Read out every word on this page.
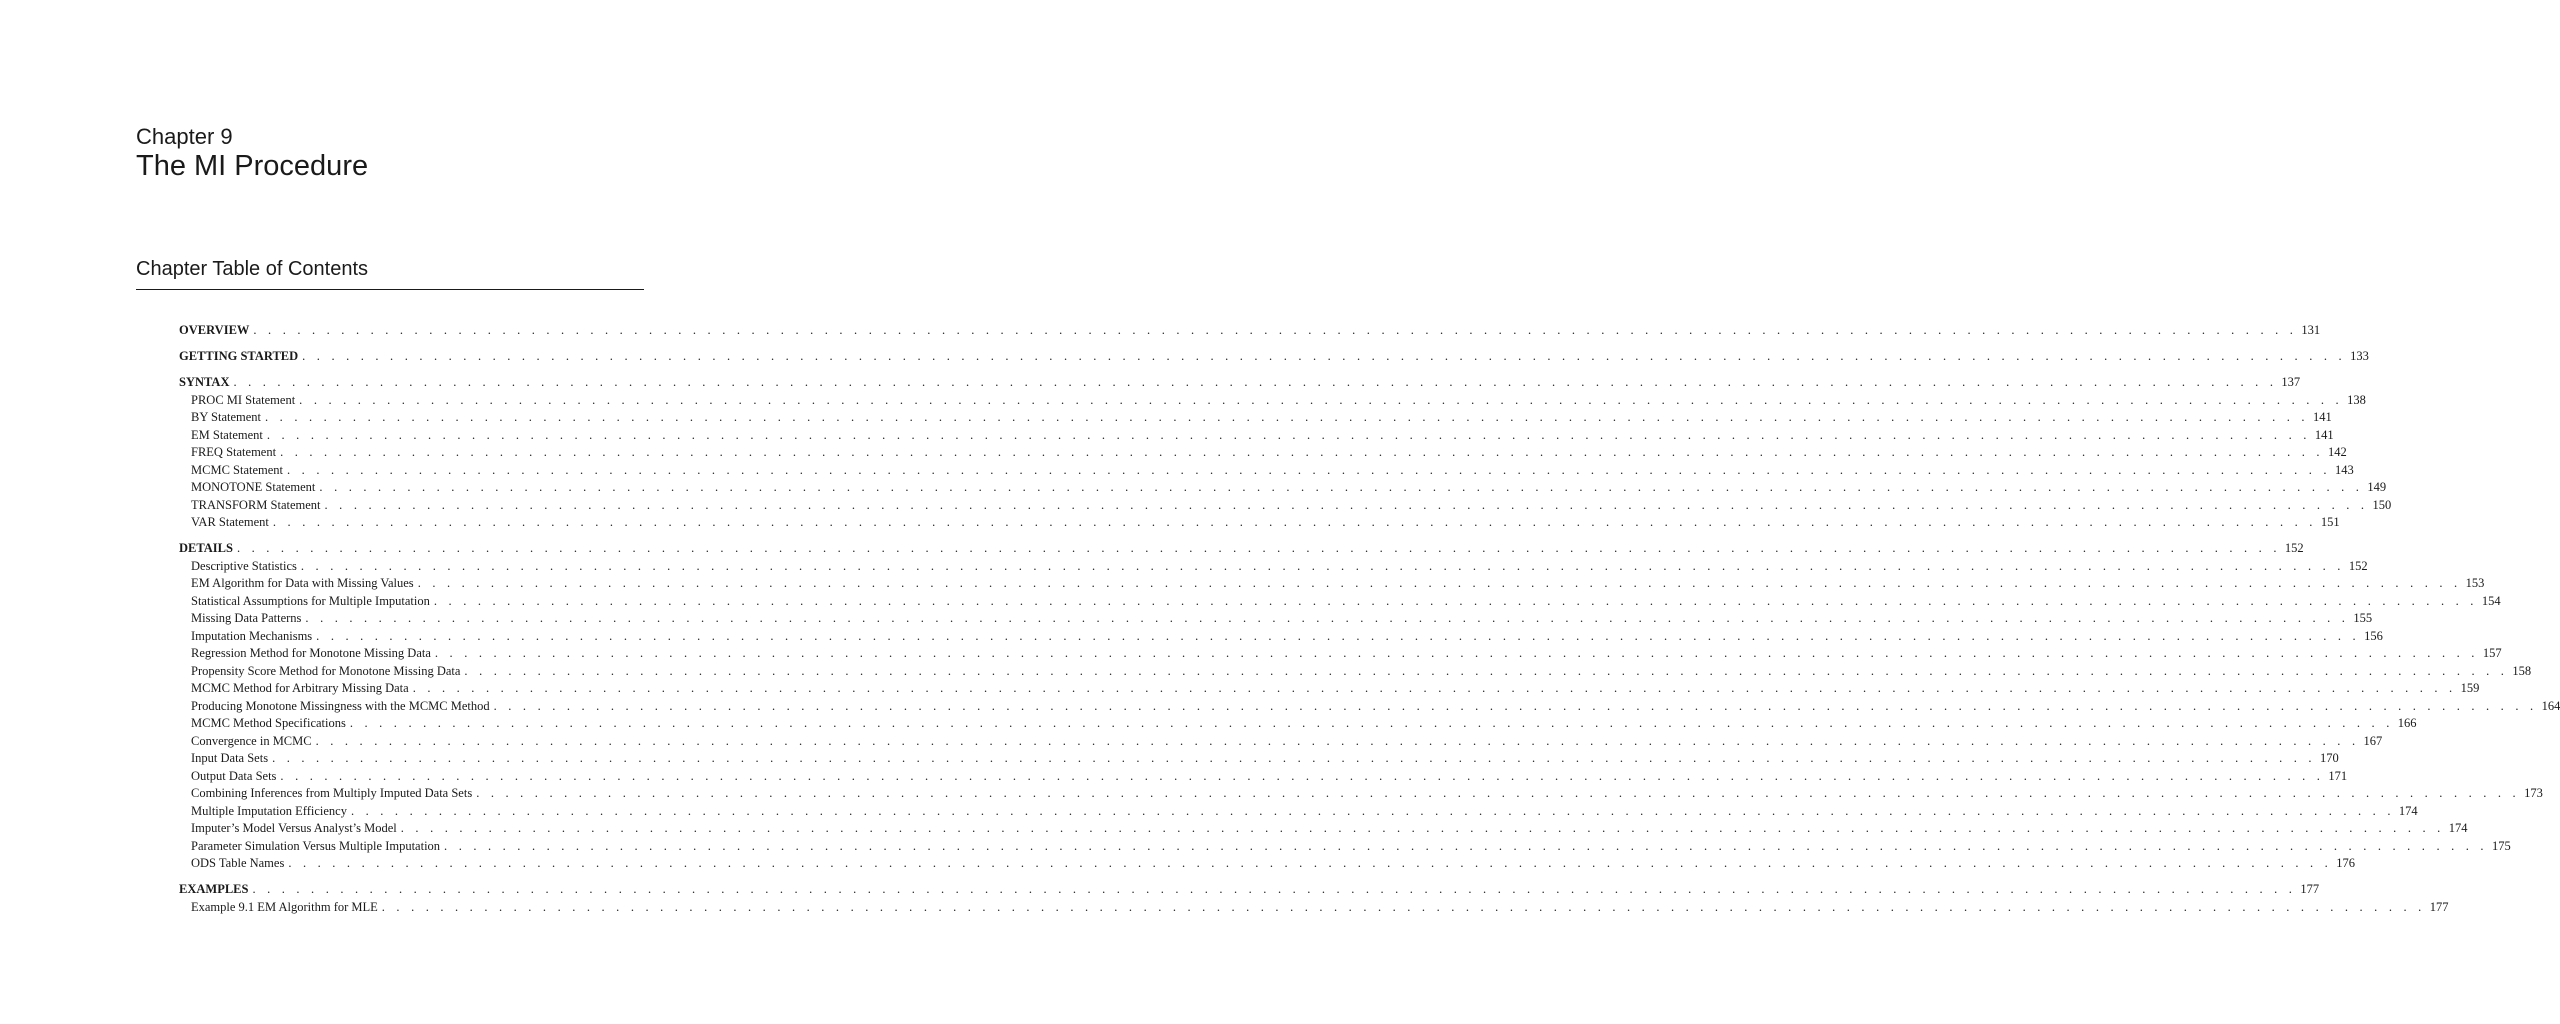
Chapter 9
The MI Procedure
Chapter Table of Contents
OVERVIEW . . . . . . . . . . . . . . . . . . . . . . . . . . . . . . . . . . . . . . . . . . . . . . . . . . . . . . . . . . . . . . . . . . . . . . . . . . . . . . . . . . . . . . . . . . . . . . . . . . . . . . . . . . . . . . . . . . . . . . . . . . . . . . . . . . . . . . . . . . . . 131
GETTING STARTED . . . . . . . . . . . . . . . . . . . . . . . . . . . . . . . . . . . . . . . . . . . . . . . . . . . . . . . . . . . . . . . . . . . . . . . . . . . . . . . . . . . . . . . . . . . . . . . . . . . . . . . . . . . . . . . . . . . . . . . . . . . . . . . . . . . . . . . . . . . . 133
SYNTAX . . . . . . . . . . . . . . . . . . . . . . . . . . . . . . . . . . . . . . . . . . . . . . . . . . . . . . . . . . . . . . . . . . . . . . . . . . . . . . . . . . . . . . . . . . . . . . . . . . . . . . . . . . . . . . . . . . . . . . . . . . . . . . . . . . . . . . . . . . . . 137
PROC MI Statement . . . . . . . . . . . . . . . . . . . . . . . . . . . . . . . . . . . . . . . . . . . . . . . . . . . . . . . . . . . . . . . . . . . . . . . . . . . . . . . . . . . . . . . . . . . . . . . . . . . . . . . . . . . . . . . . . . . . . . . . . . . . . . . . . . . . . . . . . . . . 138
BY Statement . . . . . . . . . . . . . . . . . . . . . . . . . . . . . . . . . . . . . . . . . . . . . . . . . . . . . . . . . . . . . . . . . . . . . . . . . . . . . . . . . . . . . . . . . . . . . . . . . . . . . . . . . . . . . . . . . . . . . . . . . . . . . . . . . . . . . . . . . . . . 141
EM Statement . . . . . . . . . . . . . . . . . . . . . . . . . . . . . . . . . . . . . . . . . . . . . . . . . . . . . . . . . . . . . . . . . . . . . . . . . . . . . . . . . . . . . . . . . . . . . . . . . . . . . . . . . . . . . . . . . . . . . . . . . . . . . . . . . . . . . . . . . . . . 141
FREQ Statement . . . . . . . . . . . . . . . . . . . . . . . . . . . . . . . . . . . . . . . . . . . . . . . . . . . . . . . . . . . . . . . . . . . . . . . . . . . . . . . . . . . . . . . . . . . . . . . . . . . . . . . . . . . . . . . . . . . . . . . . . . . . . . . . . . . . . . . . . . . . 142
MCMC Statement . . . . . . . . . . . . . . . . . . . . . . . . . . . . . . . . . . . . . . . . . . . . . . . . . . . . . . . . . . . . . . . . . . . . . . . . . . . . . . . . . . . . . . . . . . . . . . . . . . . . . . . . . . . . . . . . . . . . . . . . . . . . . . . . . . . . . . . . . . . . 143
MONOTONE Statement . . . . . . . . . . . . . . . . . . . . . . . . . . . . . . . . . . . . . . . . . . . . . . . . . . . . . . . . . . . . . . . . . . . . . . . . . . . . . . . . . . . . . . . . . . . . . . . . . . . . . . . . . . . . . . . . . . . . . . . . . . . . . . . . . . . . . . . . . . . . 149
TRANSFORM Statement . . . . . . . . . . . . . . . . . . . . . . . . . . . . . . . . . . . . . . . . . . . . . . . . . . . . . . . . . . . . . . . . . . . . . . . . . . . . . . . . . . . . . . . . . . . . . . . . . . . . . . . . . . . . . . . . . . . . . . . . . . . . . . . . . . . . . . . . . . . . 150
VAR Statement . . . . . . . . . . . . . . . . . . . . . . . . . . . . . . . . . . . . . . . . . . . . . . . . . . . . . . . . . . . . . . . . . . . . . . . . . . . . . . . . . . . . . . . . . . . . . . . . . . . . . . . . . . . . . . . . . . . . . . . . . . . . . . . . . . . . . . . . . . . . 151
DETAILS . . . . . . . . . . . . . . . . . . . . . . . . . . . . . . . . . . . . . . . . . . . . . . . . . . . . . . . . . . . . . . . . . . . . . . . . . . . . . . . . . . . . . . . . . . . . . . . . . . . . . . . . . . . . . . . . . . . . . . . . . . . . . . . . . . . . . . . . . . . . 152
Descriptive Statistics . . . . . . . . . . . . . . . . . . . . . . . . . . . . . . . . . . . . . . . . . . . . . . . . . . . . . . . . . . . . . . . . . . . . . . . . . . . . . . . . . . . . . . . . . . . . . . . . . . . . . . . . . . . . . . . . . . . . . . . . . . . . . . . . . . . . . . . . . . . . 152
EM Algorithm for Data with Missing Values . . . . . . . . . . . . . . . . . . . . . . . . . . . . . . . . . . . . . . . . . . . . . . . . . . . . . . . . . . . . . . . . . . . . . . . . . . . . . . . . . . . . . . . . . . . . . . . . . . . . . . . . . . . . . . . . . . . . . . . . . . . . . . . . . . . . . . . . . . . . 153
Statistical Assumptions for Multiple Imputation . . . . . . . . . . . . . . . . . . . . . . . . . . . . . . . . . . . . . . . . . . . . . . . . . . . . . . . . . . . . . . . . . . . . . . . . . . . . . . . . . . . . . . . . . . . . . . . . . . . . . . . . . . . . . . . . . . . . . . . . . . . . . . . . . . . . . . . . . . . . 154
Missing Data Patterns . . . . . . . . . . . . . . . . . . . . . . . . . . . . . . . . . . . . . . . . . . . . . . . . . . . . . . . . . . . . . . . . . . . . . . . . . . . . . . . . . . . . . . . . . . . . . . . . . . . . . . . . . . . . . . . . . . . . . . . . . . . . . . . . . . . . . . . . . . . . 155
Imputation Mechanisms . . . . . . . . . . . . . . . . . . . . . . . . . . . . . . . . . . . . . . . . . . . . . . . . . . . . . . . . . . . . . . . . . . . . . . . . . . . . . . . . . . . . . . . . . . . . . . . . . . . . . . . . . . . . . . . . . . . . . . . . . . . . . . . . . . . . . . . . . . . . 156
Regression Method for Monotone Missing Data . . . . . . . . . . . . . . . . . . . . . . . . . . . . . . . . . . . . . . . . . . . . . . . . . . . . . . . . . . . . . . . . . . . . . . . . . . . . . . . . . . . . . . . . . . . . . . . . . . . . . . . . . . . . . . . . . . . . . . . . . . . . . . . . . . . . . . . . . . . . 157
Propensity Score Method for Monotone Missing Data . . . . . . . . . . . . . . . . . . . . . . . . . . . . . . . . . . . . . . . . . . . . . . . . . . . . . . . . . . . . . . . . . . . . . . . . . . . . . . . . . . . . . . . . . . . . . . . . . . . . . . . . . . . . . . . . . . . . . . . . . . . . . . . . . . . . . . . . . . . . 158
MCMC Method for Arbitrary Missing Data . . . . . . . . . . . . . . . . . . . . . . . . . . . . . . . . . . . . . . . . . . . . . . . . . . . . . . . . . . . . . . . . . . . . . . . . . . . . . . . . . . . . . . . . . . . . . . . . . . . . . . . . . . . . . . . . . . . . . . . . . . . . . . . . . . . . . . . . . . . . 159
Producing Monotone Missingness with the MCMC Method . . . . . . . . . . . . . . . . . . . . . . . . . . . . . . . . . . . . . . . . . . . . . . . . . . . . . . . . . . . . . . . . . . . . . . . . . . . . . . . . . . . . . . . . . . . . . . . . . . . . . . . . . . . . . . . . . . . . . . . . . . . . . . . . . . . . . . . . . . . . 164
MCMC Method Specifications . . . . . . . . . . . . . . . . . . . . . . . . . . . . . . . . . . . . . . . . . . . . . . . . . . . . . . . . . . . . . . . . . . . . . . . . . . . . . . . . . . . . . . . . . . . . . . . . . . . . . . . . . . . . . . . . . . . . . . . . . . . . . . . . . . . . . . . . . . . . 166
Convergence in MCMC . . . . . . . . . . . . . . . . . . . . . . . . . . . . . . . . . . . . . . . . . . . . . . . . . . . . . . . . . . . . . . . . . . . . . . . . . . . . . . . . . . . . . . . . . . . . . . . . . . . . . . . . . . . . . . . . . . . . . . . . . . . . . . . . . . . . . . . . . . . . 167
Input Data Sets . . . . . . . . . . . . . . . . . . . . . . . . . . . . . . . . . . . . . . . . . . . . . . . . . . . . . . . . . . . . . . . . . . . . . . . . . . . . . . . . . . . . . . . . . . . . . . . . . . . . . . . . . . . . . . . . . . . . . . . . . . . . . . . . . . . . . . . . . . . . 170
Output Data Sets . . . . . . . . . . . . . . . . . . . . . . . . . . . . . . . . . . . . . . . . . . . . . . . . . . . . . . . . . . . . . . . . . . . . . . . . . . . . . . . . . . . . . . . . . . . . . . . . . . . . . . . . . . . . . . . . . . . . . . . . . . . . . . . . . . . . . . . . . . . . 171
Combining Inferences from Multiply Imputed Data Sets . . . . . . . . . . . . . . . . . . . . . . . . . . . . . . . . . . . . . . . . . . . . . . . . . . . . . . . . . . . . . . . . . . . . . . . . . . . . . . . . . . . . . . . . . . . . . . . . . . . . . . . . . . . . . . . . . . . . . . . . . . . . . . . . . . . . . . . . . . . . 173
Multiple Imputation Efficiency . . . . . . . . . . . . . . . . . . . . . . . . . . . . . . . . . . . . . . . . . . . . . . . . . . . . . . . . . . . . . . . . . . . . . . . . . . . . . . . . . . . . . . . . . . . . . . . . . . . . . . . . . . . . . . . . . . . . . . . . . . . . . . . . . . . . . . . . . . . . 174
Imputer’s Model Versus Analyst’s Model . . . . . . . . . . . . . . . . . . . . . . . . . . . . . . . . . . . . . . . . . . . . . . . . . . . . . . . . . . . . . . . . . . . . . . . . . . . . . . . . . . . . . . . . . . . . . . . . . . . . . . . . . . . . . . . . . . . . . . . . . . . . . . . . . . . . . . . . . . . . 174
Parameter Simulation Versus Multiple Imputation . . . . . . . . . . . . . . . . . . . . . . . . . . . . . . . . . . . . . . . . . . . . . . . . . . . . . . . . . . . . . . . . . . . . . . . . . . . . . . . . . . . . . . . . . . . . . . . . . . . . . . . . . . . . . . . . . . . . . . . . . . . . . . . . . . . . . . . . . . . . 175
ODS Table Names . . . . . . . . . . . . . . . . . . . . . . . . . . . . . . . . . . . . . . . . . . . . . . . . . . . . . . . . . . . . . . . . . . . . . . . . . . . . . . . . . . . . . . . . . . . . . . . . . . . . . . . . . . . . . . . . . . . . . . . . . . . . . . . . . . . . . . . . . . . . 176
EXAMPLES . . . . . . . . . . . . . . . . . . . . . . . . . . . . . . . . . . . . . . . . . . . . . . . . . . . . . . . . . . . . . . . . . . . . . . . . . . . . . . . . . . . . . . . . . . . . . . . . . . . . . . . . . . . . . . . . . . . . . . . . . . . . . . . . . . . . . . . . . . . . 177
Example 9.1 EM Algorithm for MLE . . . . . . . . . . . . . . . . . . . . . . . . . . . . . . . . . . . . . . . . . . . . . . . . . . . . . . . . . . . . . . . . . . . . . . . . . . . . . . . . . . . . . . . . . . . . . . . . . . . . . . . . . . . . . . . . . . . . . . . . . . . . . . . . . . . . . . . . . . . . 177
